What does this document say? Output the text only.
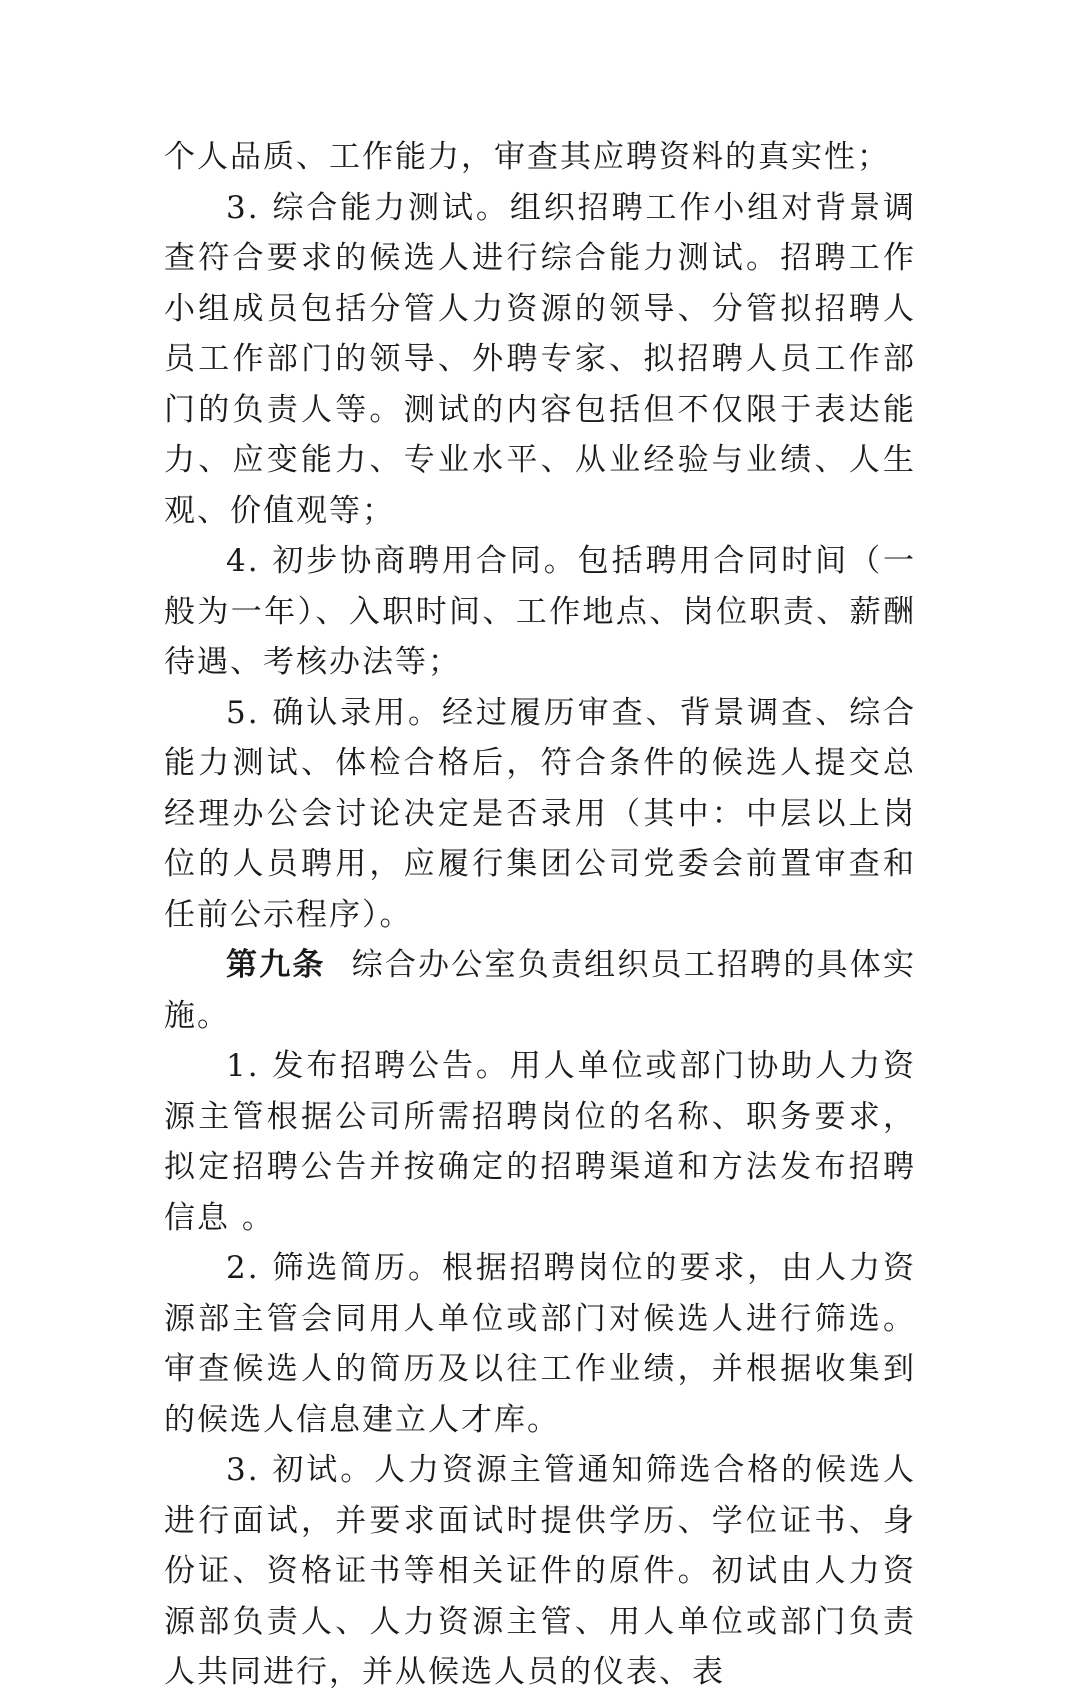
个人品质、工作能力，审查其应聘资料的真实性；

3. 综合能力测试。组织招聘工作小组对背景调查符合要求的候选人进行综合能力测试。招聘工作小组成员包括分管人力资源的领导、分管拟招聘人员工作部门的领导、外聘专家、拟招聘人员工作部门的负责人等。测试的内容包括但不仅限于表达能力、应变能力、专业水平、从业经验与业绩、人生观、价值观等；

4. 初步协商聘用合同。包括聘用合同时间（一般为一年）、入职时间、工作地点、岗位职责、薪酬待遇、考核办法等；

5. 确认录用。经过履历审查、背景调查、综合能力测试、体检合格后，符合条件的候选人提交总经理办公会讨论决定是否录用（其中：中层以上岗位的人员聘用，应履行集团公司党委会前置审查和任前公示程序）。

第九条 综合办公室负责组织员工招聘的具体实施。

1. 发布招聘公告。用人单位或部门协助人力资源主管根据公司所需招聘岗位的名称、职务要求，拟定招聘公告并按确定的招聘渠道和方法发布招聘信息 。

2. 筛选简历。根据招聘岗位的要求，由人力资源部主管会同用人单位或部门对候选人进行筛选。审查候选人的简历及以往工作业绩，并根据收集到的候选人信息建立人才库。

3. 初试。人力资源主管通知筛选合格的候选人进行面试，并要求面试时提供学历、学位证书、身份证、资格证书等相关证件的原件。初试由人力资源部负责人、人力资源主管、用人单位或部门负责人共同进行，并从候选人员的仪表、表
